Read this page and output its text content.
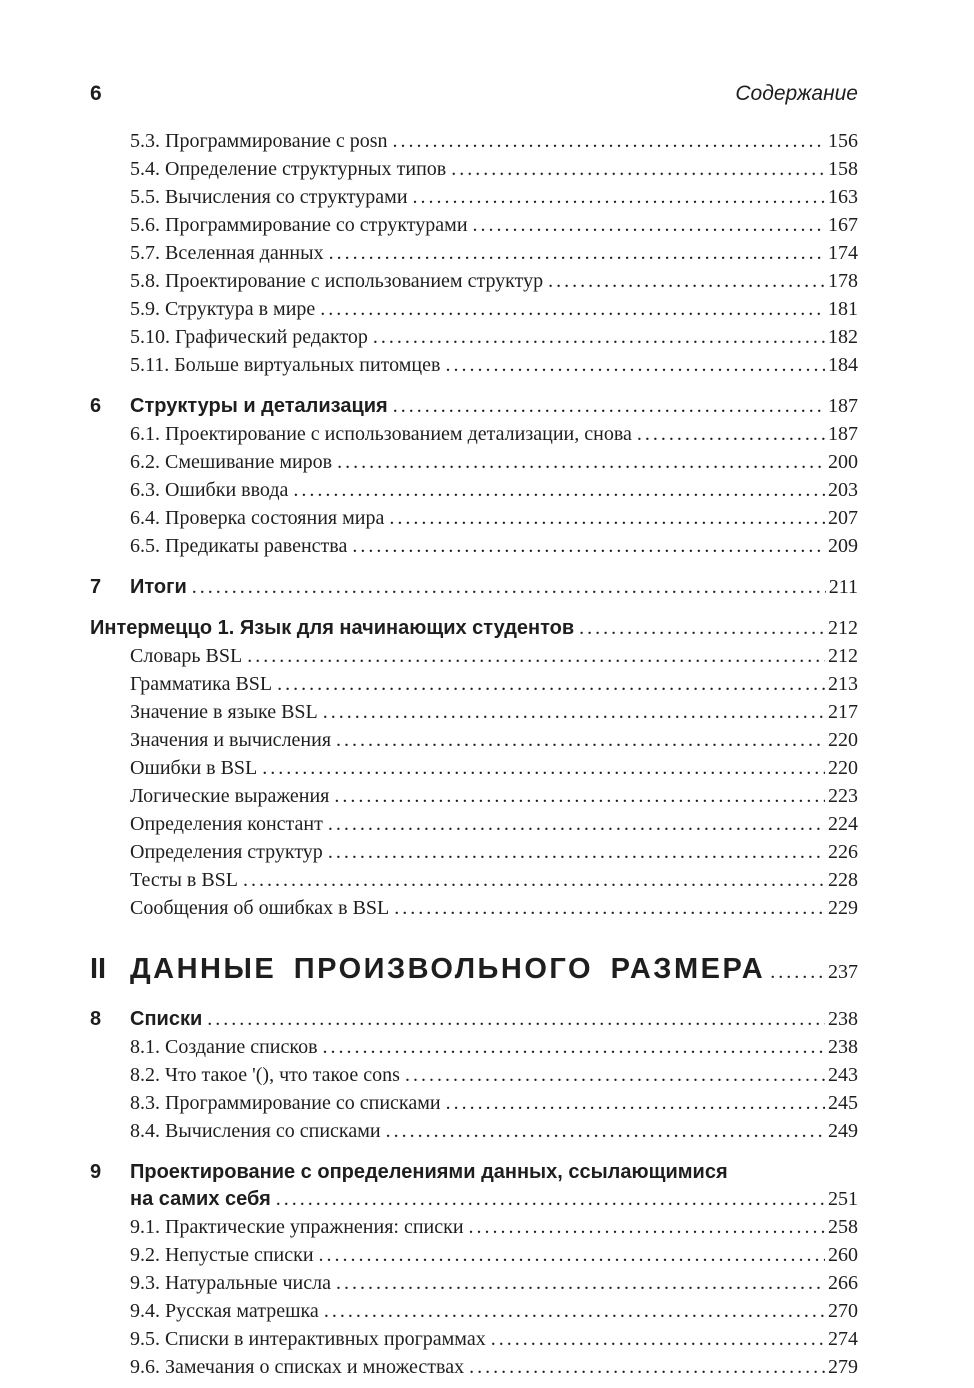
6	Содержание
5.3. Программирование с posn .....	156
5.4. Определение структурных типов .....	158
5.5. Вычисления со структурами .....	163
5.6. Программирование со структурами .....	167
5.7. Вселенная данных .....	174
5.8. Проектирование с использованием структур .....	178
5.9. Структура в мире .....	181
5.10. Графический редактор .....	182
5.11. Больше виртуальных питомцев .....	184
6	Структуры и детализация .....	187
6.1. Проектирование с использованием детализации, снова .....	187
6.2. Смешивание миров .....	200
6.3. Ошибки ввода .....	203
6.4. Проверка состояния мира .....	207
6.5. Предикаты равенства .....	209
7	Итоги .....	211
Интермеццо 1. Язык для начинающих студентов .....	212
Словарь BSL .....	212
Грамматика BSL .....	213
Значение в языке BSL .....	217
Значения и вычисления .....	220
Ошибки в BSL .....	220
Логические выражения .....	223
Определения констант .....	224
Определения структур .....	226
Тесты в BSL .....	228
Сообщения об ошибках в BSL .....	229
II ДАННЫЕ ПРОИЗВОЛЬНОГО РАЗМЕРА .....	237
8	Списки .....	238
8.1. Создание списков .....	238
8.2. Что такое '(), что такое cons .....	243
8.3. Программирование со списками .....	245
8.4. Вычисления со списками .....	249
9	Проектирование с определениями данных, ссылающимися
на самих себя .....	251
9.1. Практические упражнения: списки .....	258
9.2. Непустые списки .....	260
9.3. Натуральные числа .....	266
9.4. Русская матрешка .....	270
9.5. Списки в интерактивных программах .....	274
9.6. Замечания о списках и множествах .....	279
